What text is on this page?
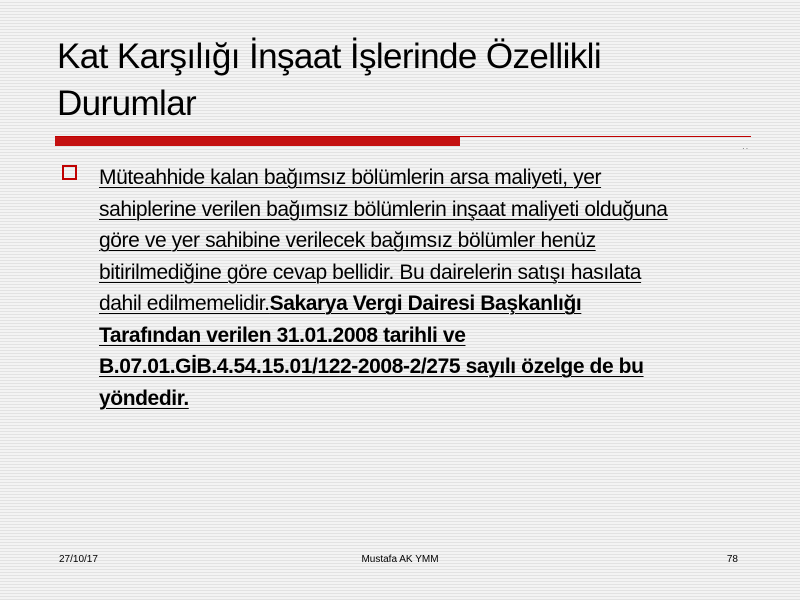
Kat Karşılığı İnşaat İşlerinde Özellikli
Durumlar
··

Müteahhide kalan bağımsız bölümlerin arsa maliyeti, yer
sahiplerine verilen bağımsız bölümlerin inşaat maliyeti olduğuna
göre ve yer sahibine verilecek bağımsız bölümler henüz
bitirilmediğine göre cevap bellidir. Bu dairelerin satışı hasılata
dahil edilmemelidir.Sakarya Vergi Dairesi Başkanlığı
Tarafından verilen 31.01.2008 tarihli ve
B.07.01.GİB.4.54.15.01/122-2008-2/275 sayılı özelge de bu
yöndedir.

27/10/17	Mustafa AK YMM	78
